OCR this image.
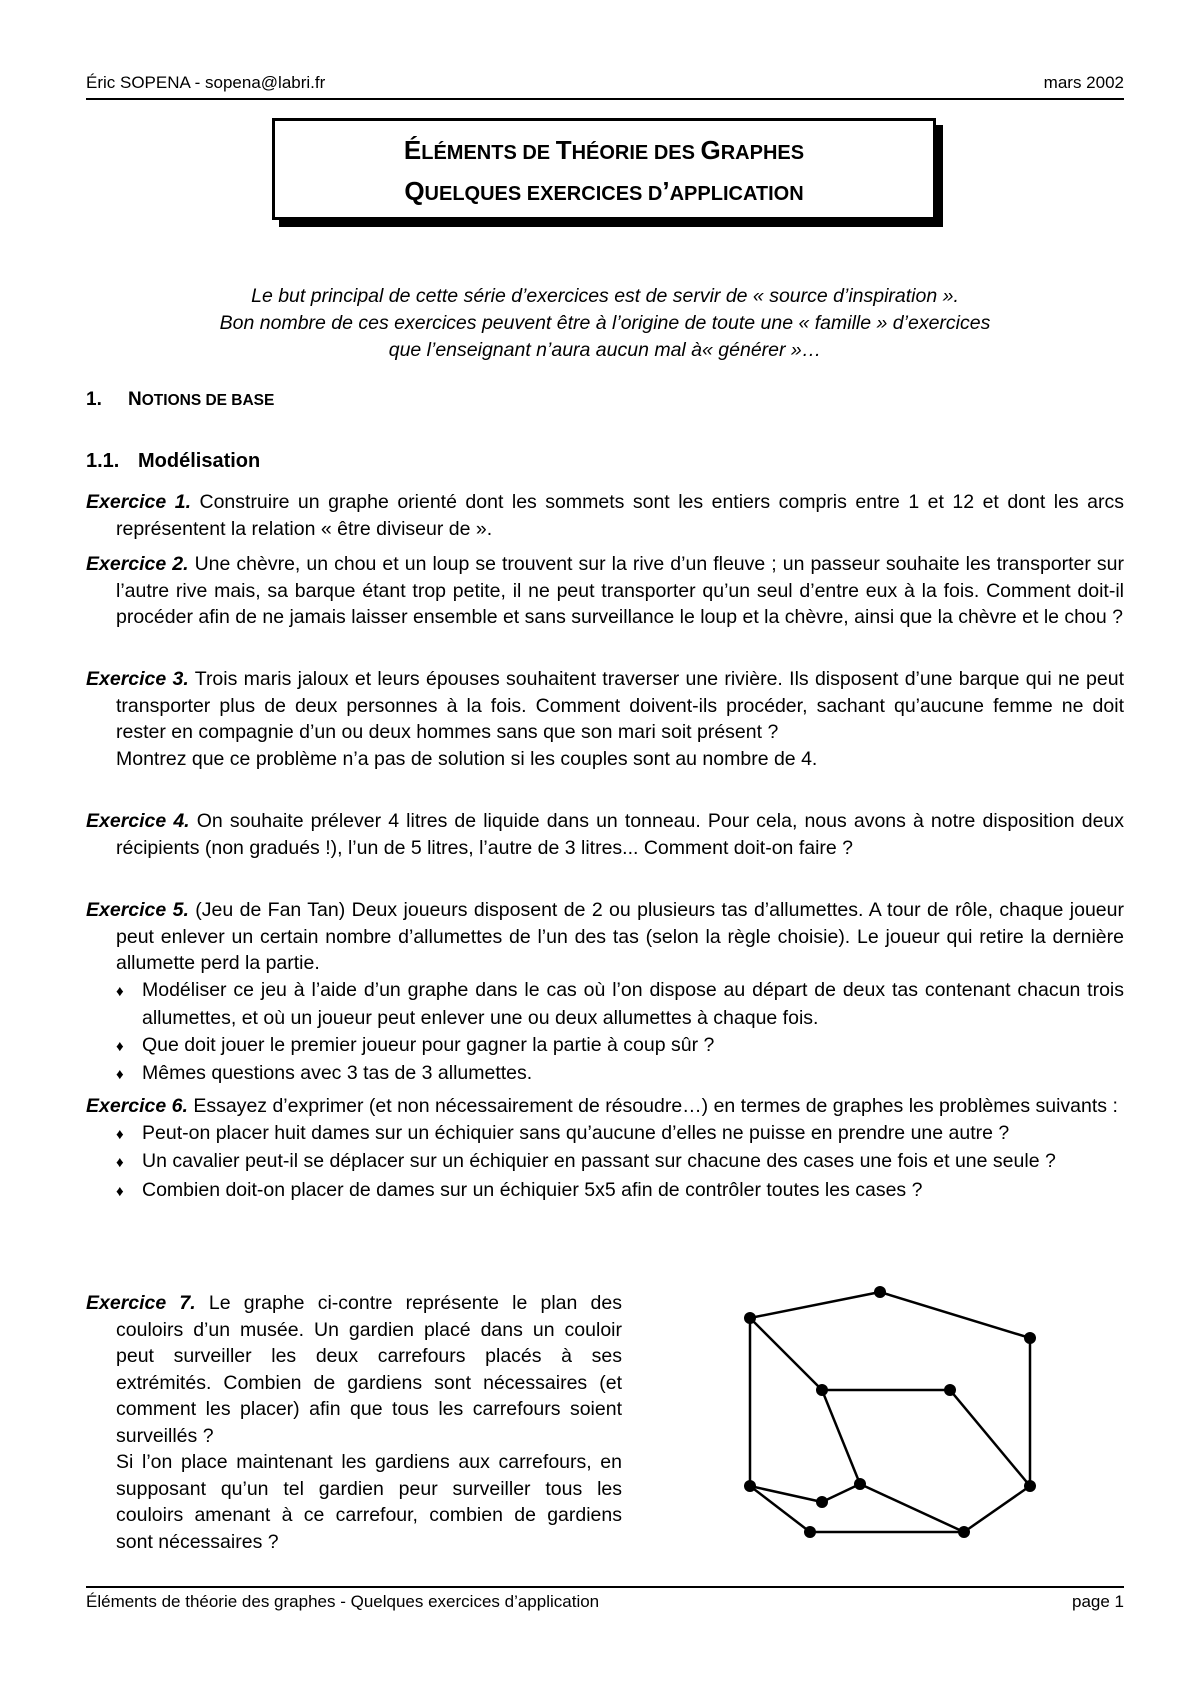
Éric SOPENA - sopena@labri.fr	mars 2002
ÉLÉMENTS DE THÉORIE DES GRAPHES
QUELQUES EXERCICES D’APPLICATION
Le but principal de cette série d’exercices est de servir de « source d’inspiration ».
Bon nombre de ces exercices peuvent être à l’origine de toute une « famille » d’exercices
que l’enseignant n’aura aucun mal à« générer »…
1. NOTIONS DE BASE
1.1. Modélisation

Exercice 1. Construire un graphe orienté dont les sommets sont les entiers compris entre 1 et 12 et dont les arcs représentent la relation « être diviseur de ».

Exercice 2. Une chèvre, un chou et un loup se trouvent sur la rive d’un fleuve ; un passeur souhaite les transporter sur l’autre rive mais, sa barque étant trop petite, il ne peut transporter qu’un seul d’entre eux à la fois. Comment doit-il procéder afin de ne jamais laisser ensemble et sans surveillance le loup et la chèvre, ainsi que la chèvre et le chou ?

Exercice 3. Trois maris jaloux et leurs épouses souhaitent traverser une rivière. Ils disposent d’une barque qui ne peut transporter plus de deux personnes à la fois. Comment doivent-ils procéder, sachant qu’aucune femme ne doit rester en compagnie d’un ou deux hommes sans que son mari soit présent ?

Montrez que ce problème n’a pas de solution si les couples sont au nombre de 4.

Exercice 4. On souhaite prélever 4 litres de liquide dans un tonneau. Pour cela, nous avons à notre disposition deux récipients (non gradués !), l’un de 5 litres, l’autre de 3 litres... Comment doit-on faire ?

Exercice 5. (Jeu de Fan Tan) Deux joueurs disposent de 2 ou plusieurs tas d’allumettes. A tour de rôle, chaque joueur peut enlever un certain nombre d’allumettes de l’un des tas (selon la règle choisie). Le joueur qui retire la dernière allumette perd la partie.

♦ Modéliser ce jeu à l’aide d’un graphe dans le cas où l’on dispose au départ de deux tas contenant chacun trois allumettes, et où un joueur peut enlever une ou deux allumettes à chaque fois.
♦ Que doit jouer le premier joueur pour gagner la partie à coup sûr ?
♦ Mêmes questions avec 3 tas de 3 allumettes.

Exercice 6. Essayez d’exprimer (et non nécessairement de résoudre…) en termes de graphes les problèmes suivants :

♦ Peut-on placer huit dames sur un échiquier sans qu’aucune d’elles ne puisse en prendre une autre ?
♦ Un cavalier peut-il se déplacer sur un échiquier en passant sur chacune des cases une fois et une seule ?
♦ Combien doit-on placer de dames sur un échiquier 5x5 afin de contrôler toutes les cases ?

Exercice 7. Le graphe ci-contre représente le plan des couloirs d’un musée. Un gardien placé dans un couloir peut surveiller les deux carrefours placés à ses extrémités. Combien de gardiens sont nécessaires (et comment les placer) afin que tous les carrefours soient surveillés ?

Si l’on place maintenant les gardiens aux carrefours, en supposant qu’un tel gardien peur surveiller tous les couloirs amenant à ce carrefour, combien de gardiens sont nécessaires ?

Éléments de théorie des graphes - Quelques exercices d’application	page 1
